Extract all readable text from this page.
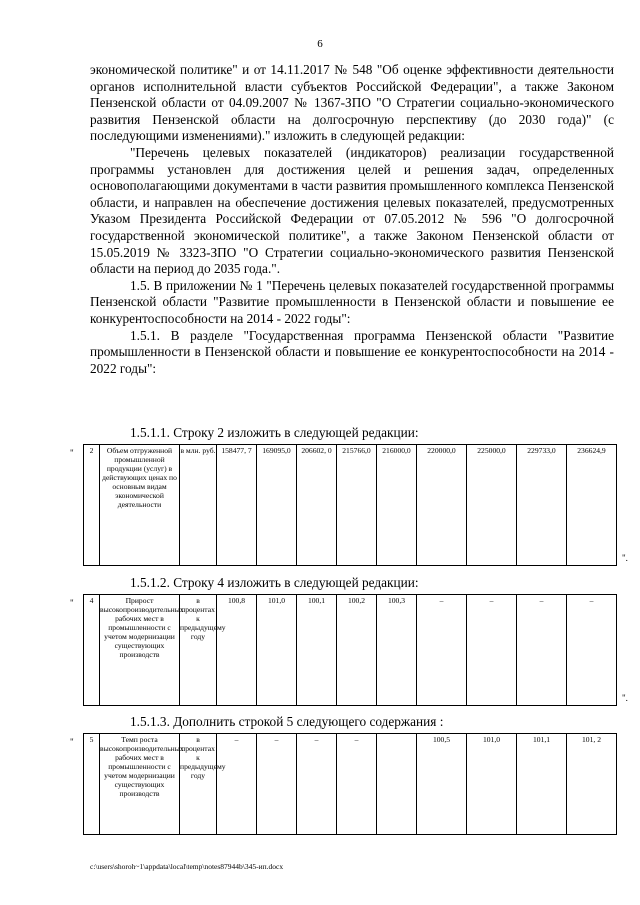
6

экономической политике" и от 14.11.2017 № 548 "Об оценке эффективности деятельности органов исполнительной власти субъектов Российской Федерации", а также Законом Пензенской области от 04.09.2007 № 1367-ЗПО "О Стратегии социально-экономического развития Пензенской области на долгосрочную перспективу (до 2030 года)" (с последующими изменениями)." изложить в следующей редакции:

"Перечень целевых показателей (индикаторов) реализации государственной программы установлен для достижения целей и решения задач, определенных основополагающими документами в части развития промышленного комплекса Пензенской области, и направлен на обеспечение достижения целевых показателей, предусмотренных Указом Президента Российской Федерации от 07.05.2012 № 596 "О долгосрочной государственной экономической политике", а также Законом Пензенской области от 15.05.2019 № 3323-ЗПО "О Стратегии социально-экономического развития Пензенской области на период до 2035 года.".

1.5. В приложении № 1 "Перечень целевых показателей государственной программы Пензенской области "Развитие промышленности в Пензенской области и повышение ее конкурентоспособности на 2014 - 2022 годы":

1.5.1. В разделе "Государственная программа Пензенской области "Развитие промышленности в Пензенской области и повышение ее конкурентоспособности на 2014 - 2022 годы":

1.5.1.1. Строку 2 изложить в следующей редакции:
" 2	Объем отгруженной промышленной продукции (услуг) в действующих ценах по основным видам экономической деятельности	в млн. руб.	158477, 7	169095,0	206602, 0	215766,0	216000,0	220000,0	225000,0	229733,0	236624,9
".
1.5.1.2. Строку 4 изложить в следующей редакции:
" 4	Прирост высокопроизводительных рабочих мест в промышленности с учетом модернизации существующих производств	в процентах к предыдущему году	100,8	101,0	100,1	100,2	100,3	–	–	–	–
".
1.5.1.3. Дополнить строкой 5 следующего содержания :
" 5	Темп роста высокопроизводительных рабочих мест в промышленности с учетом модернизации существующих производств	в процентах к предыдущему году	–	–	–	–		100,5	101,0	101,1	101, 2
c:\users\shoroh~1\appdata\local\temp\notes87944b\345-ип.docx
